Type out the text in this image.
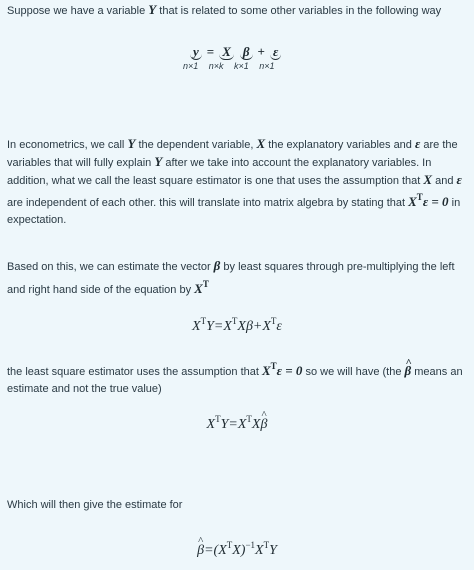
Suppose we have a variable Y that is related to some other variables in the following way

y = X β + ε
n×1 n×k k×1 n×1

In econometrics, we call Y the dependent variable, X the explanatory variables and ε are the variables that will fully explain Y after we take into account the explanatory variables. In addition, what we call the least square estimator is one that uses the assumption that X and ε are independent of each other. this will translate into matrix algebra by stating that $X^T\varepsilon = 0$ in expectation.

Based on this, we can estimate the vector β by least squares through pre-multiplying the left and right hand side of the equation by $X^T$

$X^TY=X^TX\beta+X^T\varepsilon$

the least square estimator uses the assumption that $X^T\varepsilon = 0$ so we will have (the ^ β means an estimate and not the true value)

$X^TY=X^TX\^{}$ β

Which will then give the estimate for

^ $\beta=(X^TX)^{-1}X^TY$
